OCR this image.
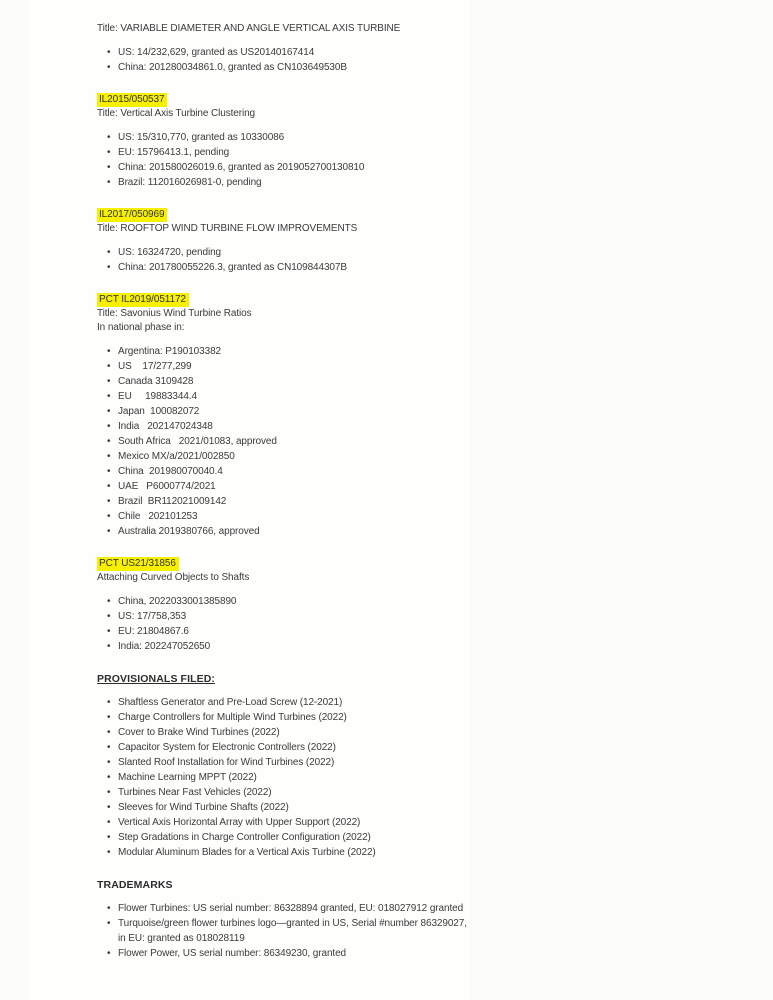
Title: VARIABLE DIAMETER AND ANGLE VERTICAL AXIS TURBINE
• US: 14/232,629, granted as US20140167414
• China: 201280034861.0, granted as CN103649530B
IL2015/050537
Title: Vertical Axis Turbine Clustering
• US: 15/310,770, granted as 10330086
• EU: 15796413.1, pending
• China: 201580026019.6, granted as 2019052700130810
• Brazil: 112016026981-0, pending
IL2017/050969
Title: ROOFTOP WIND TURBINE FLOW IMPROVEMENTS
• US: 16324720, pending
• China: 201780055226.3, granted as CN109844307B
PCT IL2019/051172
Title: Savonius Wind Turbine Ratios
In national phase in:
• Argentina: P190103382
• US    17/277,299
• Canada 3109428
• EU     19883344.4
• Japan  100082072
• India   202147024348
• South Africa   2021/01083, approved
• Mexico MX/a/2021/002850
• China  201980070040.4
• UAE   P6000774/2021
• Brazil  BR112021009142
• Chile   202101253
• Australia 2019380766, approved
PCT US21/31856
Attaching Curved Objects to Shafts
• China, 2022033001385890
• US: 17/758,353
• EU: 21804867.6
• India: 202247052650
PROVISIONALS FILED:
• Shaftless Generator and Pre-Load Screw (12-2021)
• Charge Controllers for Multiple Wind Turbines (2022)
• Cover to Brake Wind Turbines (2022)
• Capacitor System for Electronic Controllers (2022)
• Slanted Roof Installation for Wind Turbines (2022)
• Machine Learning MPPT (2022)
• Turbines Near Fast Vehicles (2022)
• Sleeves for Wind Turbine Shafts (2022)
• Vertical Axis Horizontal Array with Upper Support (2022)
• Step Gradations in Charge Controller Configuration (2022)
• Modular Aluminum Blades for a Vertical Axis Turbine (2022)
TRADEMARKS
• Flower Turbines: US serial number: 86328894 granted, EU: 018027912 granted
• Turquoise/green flower turbines logo—granted in US, Serial #number 86329027, in EU: granted as 018028119
• Flower Power, US serial number: 86349230, granted
